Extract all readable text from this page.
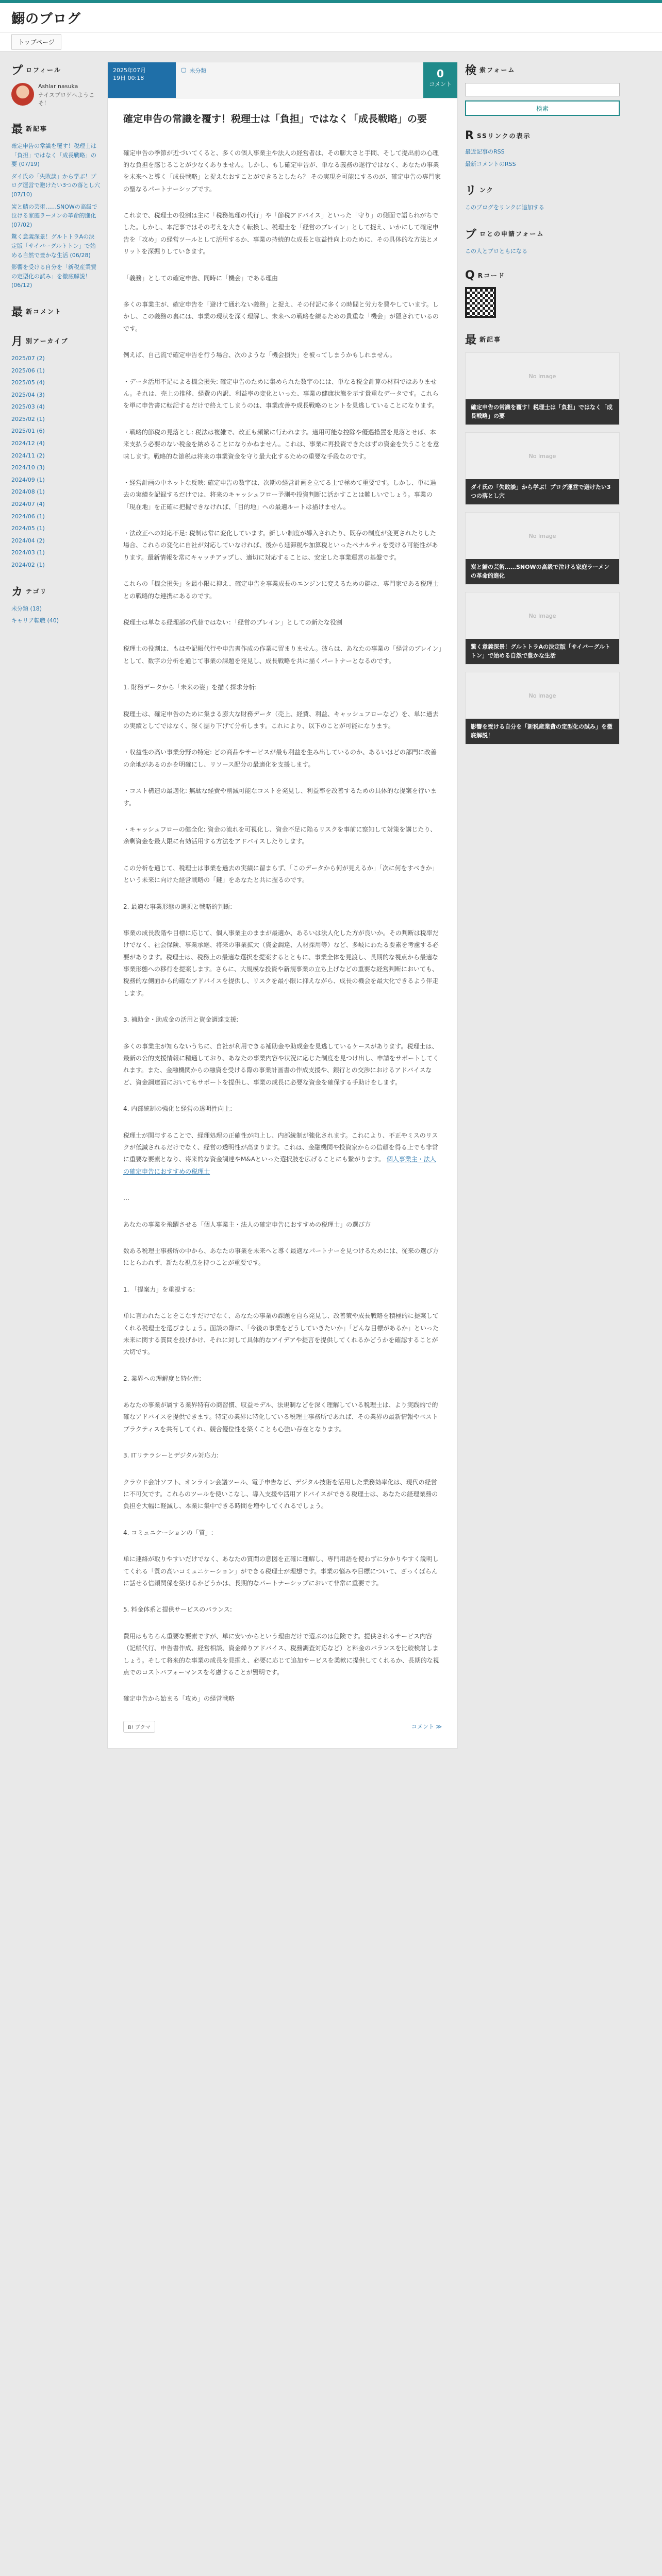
鰯のブログ
トップページ
プ ロフィール
Ashlar nasuka
ナイスプロゲへようこそ！
最 新記事
確定申告の常識を覆す！税理士は「負担」ではなく「成長戦略」の要 (07/19)
ダイ氏の「失敗談」から学ぶ！プログ運営で避けたい3つの落とし穴 (07/10)
炭と鯖の芸術……SNOWの高級で泣ける家庭ラーメンの革命的進化 (07/02)
驚く意義深景！グルトトラAの決定版「サイバーグルトトン」で始める自然で豊かな生活 (06/28)
影響を受ける自分を「新税産業費の定型化の試み」を徹底解説！ (06/12)
最 新コメント
月 別アーカイブ
2025/07 (2)
2025/06 (1)
2025/05 (4)
2025/04 (3)
2025/03 (4)
2025/02 (1)
2025/01 (6)
2024/12 (4)
2024/11 (2)
2024/10 (3)
2024/09 (1)
2024/08 (1)
2024/07 (4)
2024/06 (1)
2024/05 (1)
2024/04 (2)
2024/03 (1)
2024/02 (1)
カ テゴリ
未分類 (18)
キャリア転職 (40)
2025年07月
19日 00:18
▢ 未分類	0
コメント
確定申告の常識を覆す！税理士は「負担」ではなく「成長戦略」の要

確定申告の季節が近づいてくると、多くの個人事業主や法人の経営者は、その膨大さと手間、そして提出前の心理的な負担を感じることが少なくありません。しかし、もし確定申告が、単なる義務の遂行ではなく、あなたの事業を未来へと導く「成長戦略」と捉えなおすことができるとしたら？ その実現を可能にするのが、確定申告の専門家の聖なるパートナーシップです。

これまで、税理士の役割は主に「税務処理の代行」や「節税アドバイス」といった「守り」の側面で語られがちでした。しかし、本記事ではその考えを大きく転換し、税理士を「経営のブレイン」として捉え、いかにして確定申告を「攻め」の経営ツールとして活用するか、事業の持続的な成長と収益性向上のために、その具体的な方法とメリットを深掘りしていきます。

「義務」としての確定申告、同時に「機会」である理由

多くの事業主が、確定申告を「避けて通れない義務」と捉え、その付記に多くの時間と労力を費やしています。しかし、この義務の裏には、事業の現状を深く理解し、未来への戦略を練るための貴重な「機会」が隠されているのです。

例えば、自己流で確定申告を行う場合、次のような「機会損失」を被ってしまうかもしれません。

・データ活用不足による機会損失: 確定申告のために集められた数字のには、単なる税金計算の材料ではありません。それは、売上の推移、経費の内訳、利益率の変化といった、事業の健康状態を示す貴重なデータです。これらを単に申告書に転記するだけで終えてしまうのは、事業改善や成長戦略のヒントを見逃していることになります。

・戦略的節税の見落とし: 税法は複雑で、改正も頻繁に行われます。適用可能な控除や優遇措置を見落とせば、本来支払う必要のない税金を納めることになりかねません。これは、事業に再投資できたはずの資金を失うことを意味します。戦略的な節税は将来の事業資金を守り最大化するための重要な手段なのです。

・経営計画の中ネットな反映: 確定申告の数字は、次期の経営計画を立てる上で極めて重要です。しかし、単に過去の実績を記録するだけでは、将来のキャッシュフロー予測や投資判断に活かすことは難しいでしょう。事業の「現在地」を正確に把握できなければ、「目的地」への最適ルートは描けません。

・法改正への対応不足: 税制は常に変化しています。新しい制度が導入されたり、既存の制度が変更されたりした場合、これらの変化に自社が対応していなければ、後から延滞税や加算税といったペナルティを受ける可能性があります。最新情報を常にキャッチアップし、適切に対応することは、安定した事業運営の基盤です。

これらの「機会損失」を最小限に抑え、確定申告を事業成長のエンジンに変えるための鍵は、専門家である税理士との戦略的な連携にあるのです。

税理士は単なる経理部の代替ではない：「経営のブレイン」としての新たな役割

税理士の役割は、もはや記帳代行や申告書作成の作業に留まりません。彼らは、あなたの事業の「経営のブレイン」として、数字の分析を通じて事業の課題を発見し、成長戦略を共に描くパートナーとなるのです。

1. 財務データから「未来の姿」を描く探求分析:

税理士は、確定申告のために集まる膨大な財務データ（売上、経費、利益、キャッシュフローなど）を、単に過去の実績としてではなく、深く掘り下げて分析します。これにより、以下のことが可能になります。

・収益性の高い事業分野の特定: どの商品やサービスが最も利益を生み出しているのか、あるいはどの部門に改善の余地があるのかを明確にし、リソース配分の最適化を支援します。

・コスト構造の最適化: 無駄な経費や削減可能なコストを発見し、利益率を改善するための具体的な提案を行います。

・キャッシュフローの健全化: 資金の流れを可視化し、資金不足に陥るリスクを事前に察知して対策を講じたり、余剰資金を最大限に有効活用する方法をアドバイスしたりします。

この分析を通じて、税理士は事業を過去の実績に留まらず、「このデータから何が見えるか」「次に何をすべきか」という未来に向けた経営戦略の「鍵」をあなたと共に握るのです。

2. 最適な事業形態の選択と戦略的判断:

事業の成長段階や目標に応じて、個人事業主のままが最適か、あるいは法人化した方が良いか。その判断は税率だけでなく、社会保険、事業承継、将来の事業拡大（資金調達、人材採用等）など、多岐にわたる要素を考慮する必要があります。税理士は、税務上の最適な選択を提案するとともに、事業全体を見渡し、長期的な視点から最適な事業形態への移行を提案します。さらに、大規模な投資や新規事業の立ち上げなどの重要な経営判断においても、税務的な側面から的確なアドバイスを提供し、リスクを最小限に抑えながら、成長の機会を最大化できるよう伴走します。

3. 補助金・助成金の活用と資金調達支援:

多くの事業主が知らないうちに、自社が利用できる補助金や助成金を見逃しているケースがあります。税理士は、最新の公的支援情報に精通しており、あなたの事業内容や状況に応じた制度を見つけ出し、申請をサポートしてくれます。また、金融機関からの融資を受ける際の事業計画書の作成支援や、銀行との交渉におけるアドバイスなど、資金調達面においてもサポートを提供し、事業の成長に必要な資金を確保する手助けをします。

4. 内部統制の強化と経営の透明性向上:

税理士が関与することで、経理処理の正確性が向上し、内部統制が強化されます。これにより、不正やミスのリスクが低減されるだけでなく、経営の透明性が高まります。これは、金融機関や投資家からの信頼を得る上でも非常に重要な要素となり、将来的な資金調達やM&Aといった選択肢を広げることにも繋がります。 個人事業主・法人の確定申告におすすめの税理士

…

あなたの事業を飛躍させる「個人事業主・法人の確定申告におすすめの税理士」の選び方

数ある税理士事務所の中から、あなたの事業を未来へと導く最適なパートナーを見つけるためには、従来の選び方にとらわれず、新たな視点を持つことが重要です。

1. 「提案力」を重視する:

単に言われたことをこなすだけでなく、あなたの事業の課題を自ら発見し、改善策や成長戦略を積極的に提案してくれる税理士を選びましょう。面談の際に、「今後の事業をどうしていきたいか」「どんな目標があるか」といった未来に関する質問を投げかけ、それに対して具体的なアイデアや提言を提供してくれるかどうかを確認することが大切です。

2. 業界への理解度と特化性:

あなたの事業が属する業界特有の商習慣、収益モデル、法規制などを深く理解している税理士は、より実践的で的確なアドバイスを提供できます。特定の業界に特化している税理士事務所であれば、その業界の最新情報やベストプラクティスを共有してくれ、競合優位性を築くことも心強い存在となります。

3. ITリテラシーとデジタル対応力:

クラウド会計ソフト、オンライン会議ツール、電子申告など、デジタル技術を活用した業務効率化は、現代の経営に不可欠です。これらのツールを使いこなし、導入支援や活用アドバイスができる税理士は、あなたの経理業務の負担を大幅に軽減し、本業に集中できる時間を増やしてくれるでしょう。

4. コミュニケーションの「質」:

単に連絡が取りやすいだけでなく、あなたの質問の意図を正確に理解し、専門用語を使わずに分かりやすく説明してくれる「質の高いコミュニケーション」ができる税理士が理想です。事業の悩みや目標について、ざっくばらんに話せる信頼関係を築けるかどうかは、長期的なパートナーシップにおいて非常に重要です。

5. 料金体系と提供サービスのバランス:

費用はもちろん重要な要素ですが、単に安いからという理由だけで選ぶのは危険です。提供されるサービス内容（記帳代行、申告書作成、経営相談、資金繰りアドバイス、税務調査対応など）と料金のバランスを比較検討しましょう。そして将来的な事業の成長を見据え、必要に応じて追加サービスを柔軟に提供してくれるか、長期的な視点でのコストパフォーマンスを考慮することが賢明です。

確定申告から始まる「攻め」の経営戦略

B! ブクマ	コメント ≫
検 索フォーム
検索
R SSリンクの表示
最近記事のRSS
最新コメントのRSS
リ ンク
このブログをリンクに追加する
ブ ロとの申請フォーム
この人とブロともになる
Q Rコード
最 新記事
No Image
確定申告の常識を覆す！税理士は「負担」ではなく「成長戦略」の要
No Image
ダイ氏の「失敗談」から学ぶ！プログ運営で避けたい3つの落とし穴
No Image
炭と鯖の芸術……SNOWの高級で泣ける家庭ラーメンの革命的進化
No Image
驚く意義深景！グルトトラAの決定版「サイバーグルトトン」で始める自然で豊かな生活
No Image
影響を受ける自分を「新税産業費の定型化の試み」を徹底解説！
